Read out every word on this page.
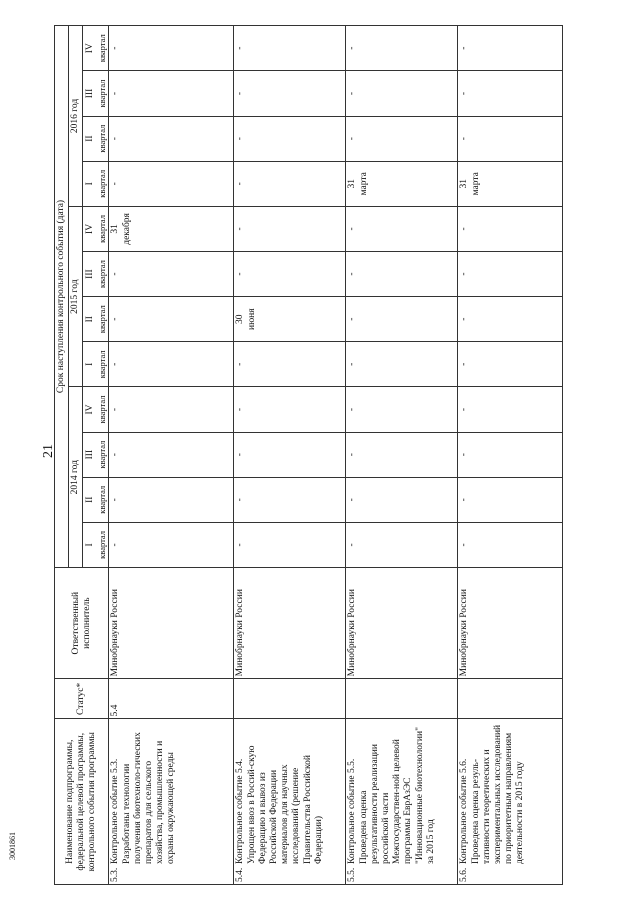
21
3001861	Наименование подпрограммы, федеральной целевой программы, контрольного события программы	Статус*	Ответственный исполнитель	Срок наступления контрольного события (дата)											
			2014 год				2015 год				2016 год			
			I квартал	II квартал	III квартал	IV квартал	I квартал	II квартал	III квартал	IV квартал	I квартал	II квартал	III квартал	IV квартал

5.3.Контрольное событие 5.3. Разработаны технологии получения биотехноло-гических препаратов для сельского хозяйства, промышленности и охраны окружающей среды	5.4	Минобрнауки России	-	-	-	-	-	-	-	31 декабря	-	-	-	-
5.4.Контрольное событие 5.4. Упрощен ввоз в Россий-скую Федерацию и вывоз из Российской Федерации материалов для научных исследований (решение Правительства Российской Федерации)		Минобрнауки России	-	-	-	-	-	30 июня	-	-	-	-	-	-
5.5.Контрольное событие 5.5. Проведена оценка результативности реализации российской части Межгосударствен-ной целевой программы ЕврАзЭС "Инновационные биотехнологии" за 2015 год		Минобрнауки России	-	-	-	-	-	-	-	-	31 марта	-	-	-
5.6.Контрольное событие 5.6. Проведена оценка резуль-тативности теоретических и экспериментальных исследований по приоритетным направлениям деятельности в 2015 году		Минобрнауки России	-	-	-	-	-	-	-	-	31 марта	-	-	-
